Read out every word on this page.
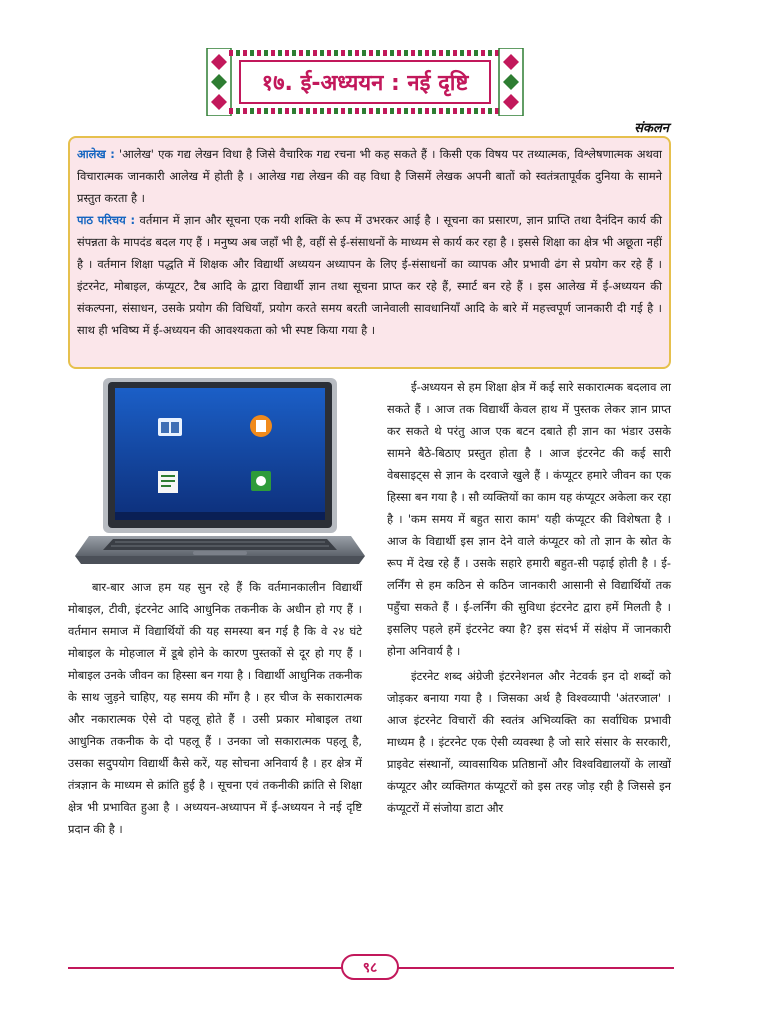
१७. ई-अध्ययन : नई दृष्टि
संकलन

आलेख : 'आलेख' एक गद्य लेखन विधा है जिसे वैचारिक गद्य रचना भी कह सकते हैं । किसी एक विषय पर तथ्यात्मक, विश्लेषणात्मक अथवा विचारात्मक जानकारी आलेख में होती है । आलेख गद्य लेखन की वह विधा है जिसमें लेखक अपनी बातों को स्वतंत्रतापूर्वक दुनिया के सामने प्रस्तुत करता है ।

पाठ परिचय : वर्तमान में ज्ञान और सूचना एक नयी शक्ति के रूप में उभरकर आई है । सूचना का प्रसारण, ज्ञान प्राप्ति तथा दैनंदिन कार्य की संपन्नता के मापदंड बदल गए हैं । मनुष्य अब जहाँ भी है, वहीं से ई-संसाधनों के माध्यम से कार्य कर रहा है । इससे शिक्षा का क्षेत्र भी अछूता नहीं है । वर्तमान शिक्षा पद्धति में शिक्षक और विद्यार्थी अध्ययन अध्यापन के लिए ई-संसाधनों का व्यापक और प्रभावी ढंग से प्रयोग कर रहे हैं । इंटरनेट, मोबाइल, कंप्यूटर, टैब आदि के द्वारा विद्यार्थी ज्ञान तथा सूचना प्राप्त कर रहे हैं, स्मार्ट बन रहे हैं । इस आलेख में ई-अध्ययन की संकल्पना, संसाधन, उसके प्रयोग की विधियाँ, प्रयोग करते समय बरती जानेवाली सावधानियाँ आदि के बारे में महत्त्वपूर्ण जानकारी दी गई है । साथ ही भविष्य में ई-अध्ययन की आवश्यकता को भी स्पष्ट किया गया है ।

बार-बार आज हम यह सुन रहे हैं कि वर्तमानकालीन विद्यार्थी मोबाइल, टीवी, इंटरनेट आदि आधुनिक तकनीक के अधीन हो गए हैं । वर्तमान समाज में विद्यार्थियों की यह समस्या बन गई है कि वे २४ घंटे मोबाइल के मोहजाल में डूबे होने के कारण पुस्तकों से दूर हो गए हैं । मोबाइल उनके जीवन का हिस्सा बन गया है । विद्यार्थी आधुनिक तकनीक के साथ जुड़ने चाहिए, यह समय की माँग है । हर चीज के सकारात्मक और नकारात्मक ऐसे दो पहलू होते हैं । उसी प्रकार मोबाइल तथा आधुनिक तकनीक के दो पहलू हैं । उनका जो सकारात्मक पहलू है, उसका सदुपयोग विद्यार्थी कैसे करें, यह सोचना अनिवार्य है । हर क्षेत्र में तंत्रज्ञान के माध्यम से क्रांति हुई है । सूचना एवं तकनीकी क्रांति से शिक्षा क्षेत्र भी प्रभावित हुआ है । अध्ययन-अध्यापन में ई-अध्ययन ने नई दृष्टि प्रदान की है ।

ई-अध्ययन से हम शिक्षा क्षेत्र में कई सारे सकारात्मक बदलाव ला सकते हैं । आज तक विद्यार्थी केवल हाथ में पुस्तक लेकर ज्ञान प्राप्त कर सकते थे परंतु आज एक बटन दबाते ही ज्ञान का भंडार उसके सामने बैठे-बिठाए प्रस्तुत होता है । आज इंटरनेट की कई सारी वेबसाइट्स से ज्ञान के दरवाजे खुले हैं । कंप्यूटर हमारे जीवन का एक हिस्सा बन गया है । सौ व्यक्तियों का काम यह कंप्यूटर अकेला कर रहा है । 'कम समय में बहुत सारा काम' यही कंप्यूटर की विशेषता है । आज के विद्यार्थी इस ज्ञान देने वाले कंप्यूटर को तो ज्ञान के स्रोत के रूप में देख रहे हैं । उसके सहारे हमारी बहुत-सी पढ़ाई होती है । ई-लर्निंग से हम कठिन से कठिन जानकारी आसानी से विद्यार्थियों तक पहुँचा सकते हैं । ई-लर्निंग की सुविधा इंटरनेट द्वारा हमें मिलती है । इसलिए पहले हमें इंटरनेट क्या है? इस संदर्भ में संक्षेप में जानकारी होना अनिवार्य है ।

इंटरनेट शब्द अंग्रेजी इंटरनेशनल और नेटवर्क इन दो शब्दों को जोड़कर बनाया गया है । जिसका अर्थ है विश्वव्यापी 'अंतरजाल' । आज इंटरनेट विचारों की स्वतंत्र अभिव्यक्ति का सर्वाधिक प्रभावी माध्यम है । इंटरनेट एक ऐसी व्यवस्था है जो सारे संसार के सरकारी, प्राइवेट संस्थानों, व्यावसायिक प्रतिष्ठानों और विश्वविद्यालयों के लाखों कंप्यूटर और व्यक्तिगत कंप्यूटरों को इस तरह जोड़ रही है जिससे इन कंप्यूटरों में संजोया डाटा और

९८
